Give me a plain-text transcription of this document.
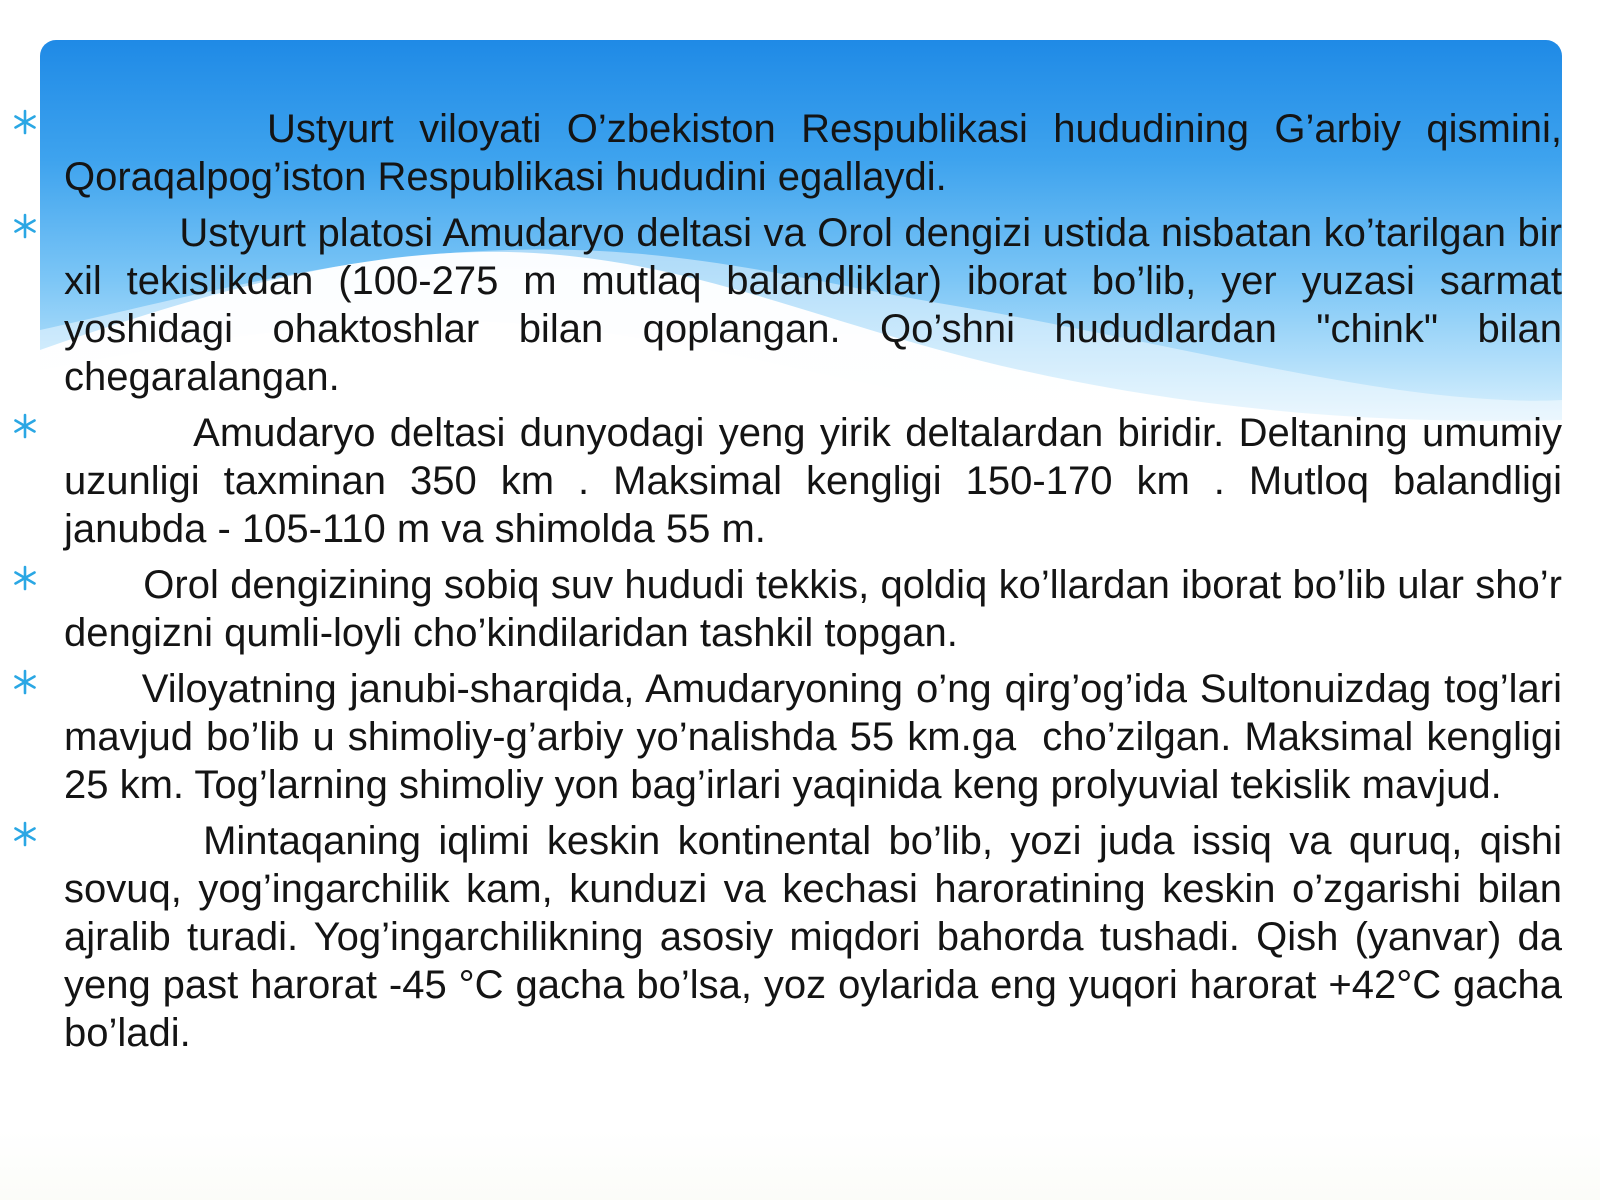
Ustyurt viloyati O’zbekiston Respublikasi hududining G’arbiy qismini, Qoraqalpog’iston Respublikasi hududini egallaydi.
Ustyurt platosi Amudaryo deltasi va Orol dengizi ustida nisbatan ko’tarilgan bir xil tekislikdan (100-275 m mutlaq balandliklar) iborat bo’lib, yer yuzasi sarmat yoshidagi ohaktoshlar bilan qoplangan. Qo’shni hududlardan "chink" bilan chegaralangan.
Amudaryo deltasi dunyodagi yeng yirik deltalardan biridir. Deltaning umumiy uzunligi taxminan 350 km . Maksimal kengligi 150-170 km . Mutloq balandligi janubda - 105-110 m va shimolda 55 m.
Orol dengizining sobiq suv hududi tekkis, qoldiq ko’llardan iborat bo’lib ular sho’r dengizni qumli-loyli cho’kindilaridan tashkil topgan.
Viloyatning janubi-sharqida, Amudaryoning o’ng qirg’og’ida Sultonuizdag tog’lari mavjud bo’lib u shimoliy-g’arbiy yo’nalishda 55 km.ga  cho’zilgan. Maksimal kengligi 25 km. Tog’larning shimoliy yon bag’irlari yaqinida keng prolyuvial tekislik mavjud.
Mintaqaning iqlimi keskin kontinental bo’lib, yozi juda issiq va quruq, qishi sovuq, yog’ingarchilik kam, kunduzi va kechasi haroratining keskin o’zgarishi bilan ajralib turadi. Yog’ingarchilikning asosiy miqdori bahorda tushadi. Qish (yanvar) da yeng past harorat -45 °C gacha bo’lsa, yoz oylarida eng yuqori harorat +42°C gacha bo’ladi.
